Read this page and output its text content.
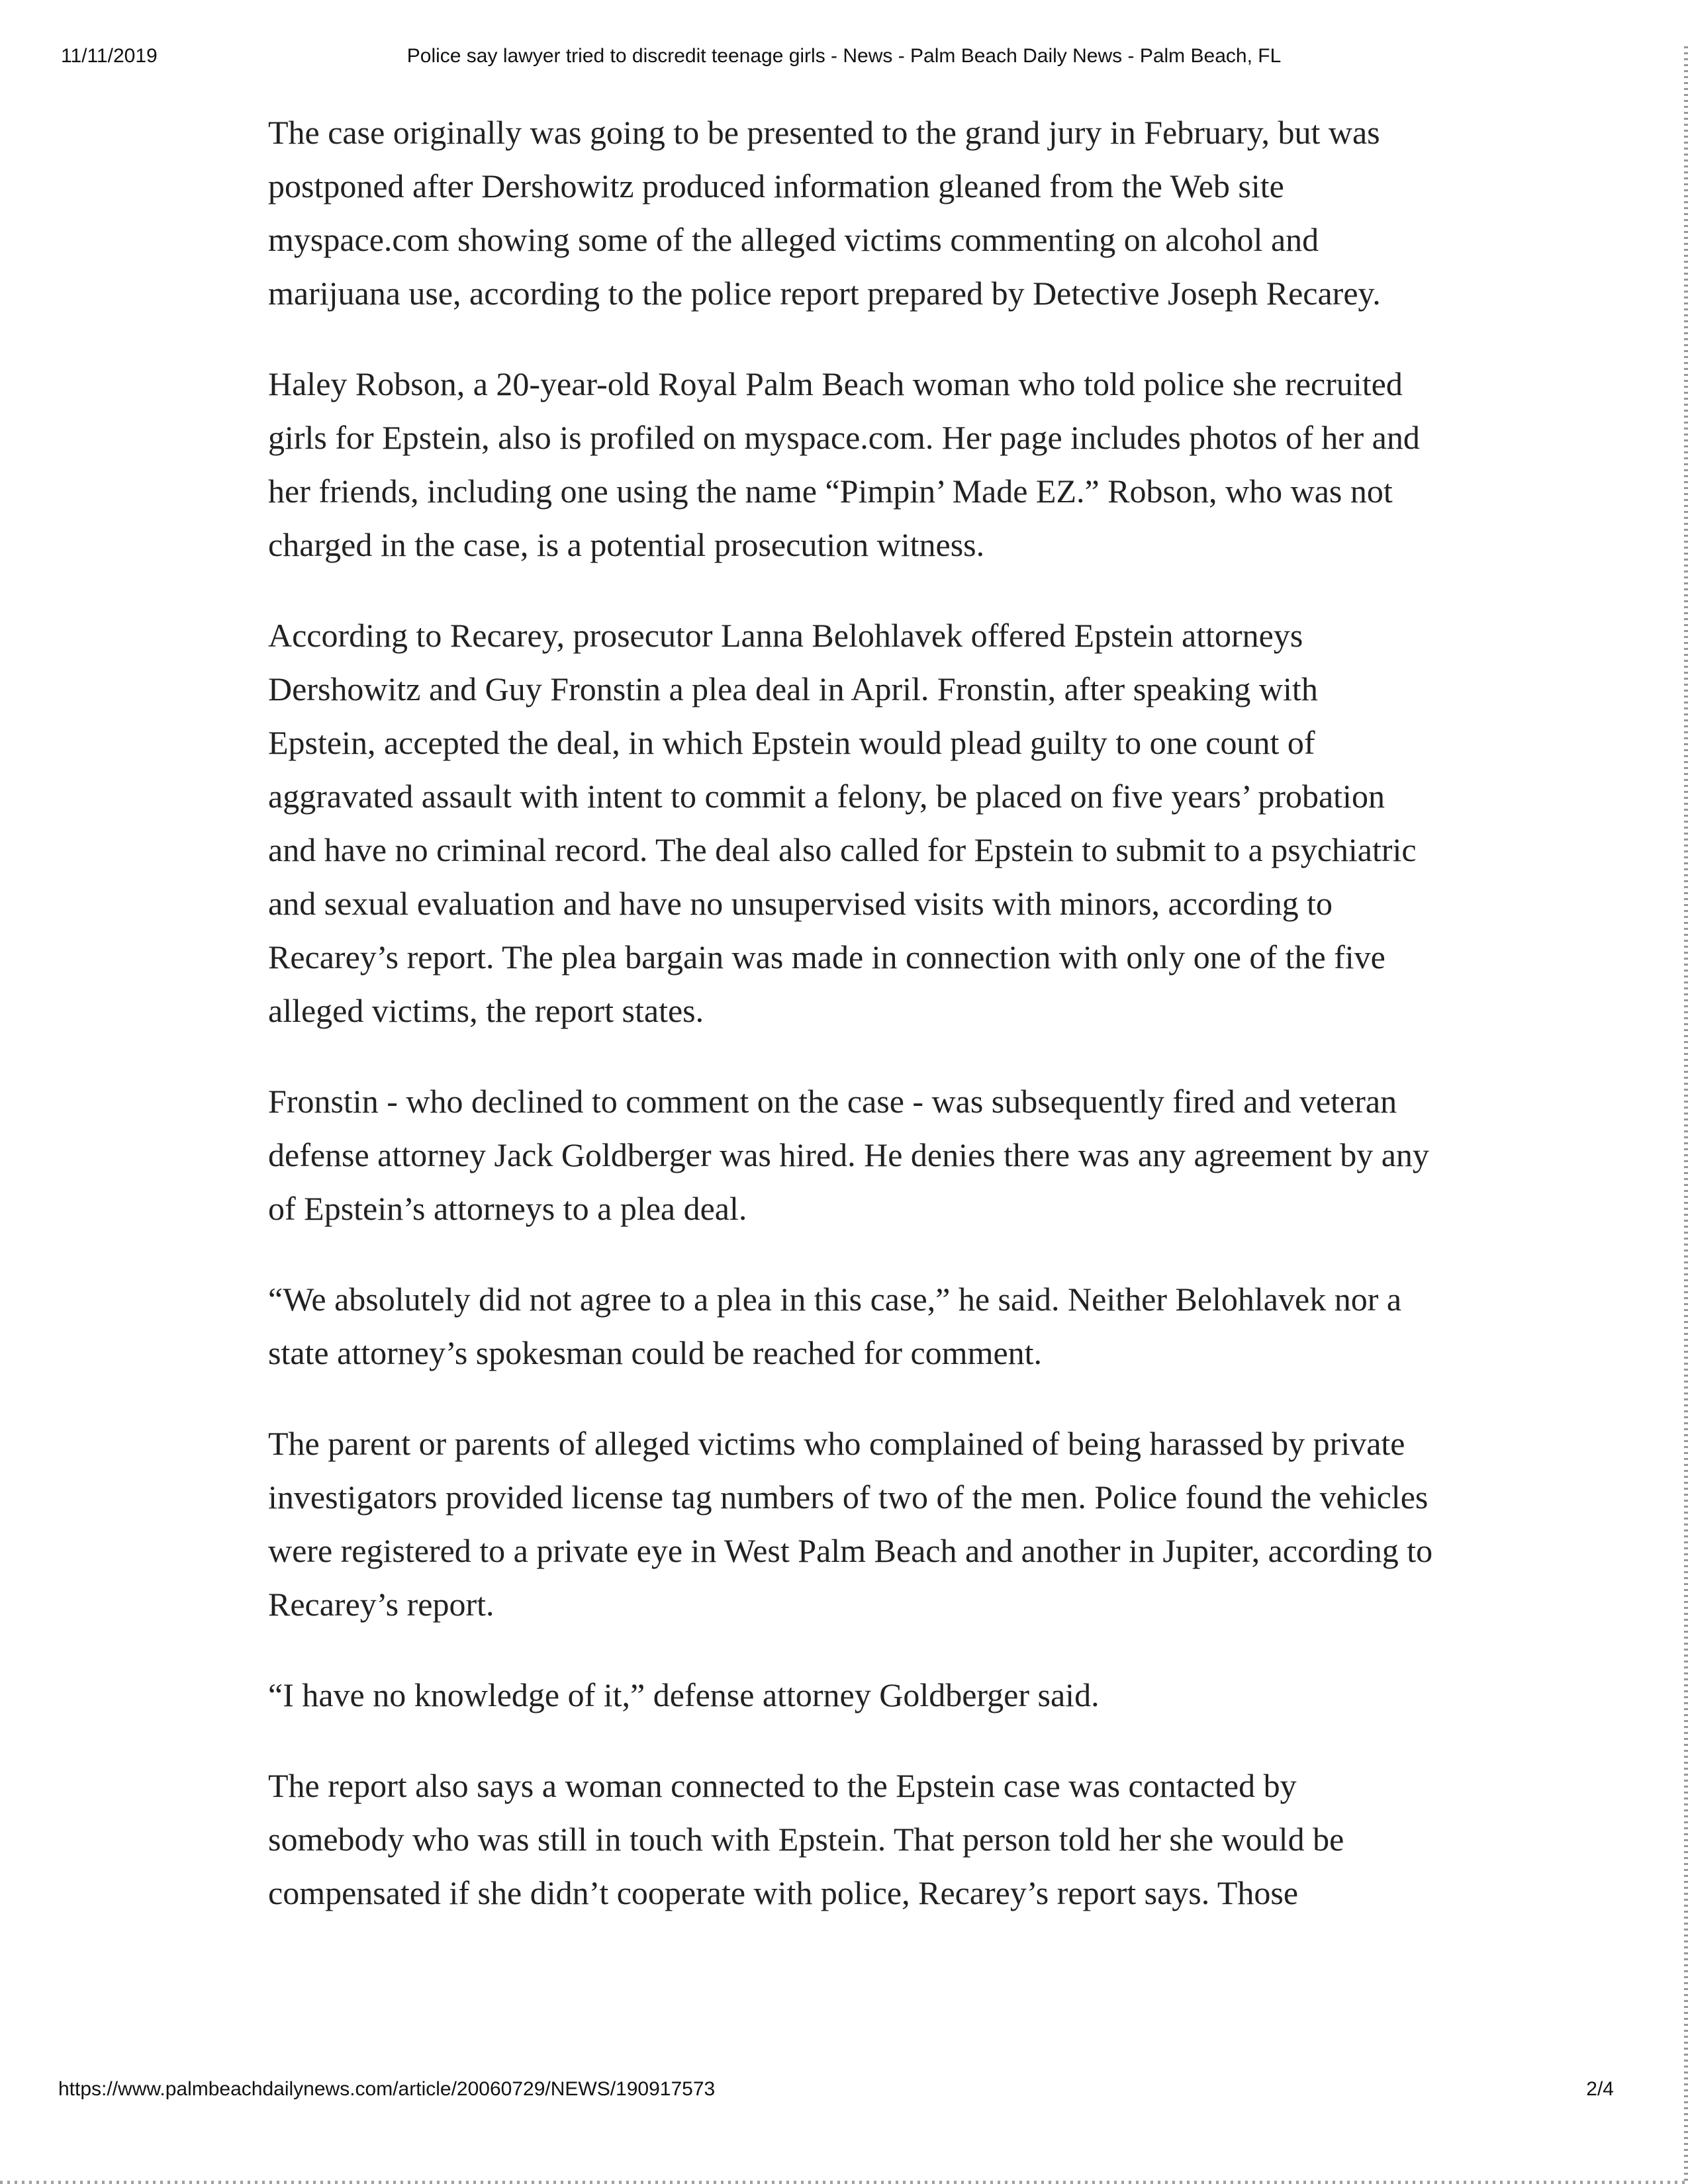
11/11/2019	Police say lawyer tried to discredit teenage girls - News - Palm Beach Daily News - Palm Beach, FL

The case originally was going to be presented to the grand jury in February, but was postponed after Dershowitz produced information gleaned from the Web site myspace.com showing some of the alleged victims commenting on alcohol and marijuana use, according to the police report prepared by Detective Joseph Recarey.

Haley Robson, a 20-year-old Royal Palm Beach woman who told police she recruited girls for Epstein, also is profiled on myspace.com. Her page includes photos of her and her friends, including one using the name “Pimpin’ Made EZ.” Robson, who was not charged in the case, is a potential prosecution witness.

According to Recarey, prosecutor Lanna Belohlavek offered Epstein attorneys Dershowitz and Guy Fronstin a plea deal in April. Fronstin, after speaking with Epstein, accepted the deal, in which Epstein would plead guilty to one count of aggravated assault with intent to commit a felony, be placed on five years’ probation and have no criminal record. The deal also called for Epstein to submit to a psychiatric and sexual evaluation and have no unsupervised visits with minors, according to Recarey’s report. The plea bargain was made in connection with only one of the five alleged victims, the report states.

Fronstin - who declined to comment on the case - was subsequently fired and veteran defense attorney Jack Goldberger was hired. He denies there was any agreement by any of Epstein’s attorneys to a plea deal.

“We absolutely did not agree to a plea in this case,” he said. Neither Belohlavek nor a state attorney’s spokesman could be reached for comment.

The parent or parents of alleged victims who complained of being harassed by private investigators provided license tag numbers of two of the men. Police found the vehicles were registered to a private eye in West Palm Beach and another in Jupiter, according to Recarey’s report.

“I have no knowledge of it,” defense attorney Goldberger said.

The report also says a woman connected to the Epstein case was contacted by somebody who was still in touch with Epstein. That person told her she would be compensated if she didn’t cooperate with police, Recarey’s report says. Those

https://www.palmbeachdailynews.com/article/20060729/NEWS/190917573	2/4
